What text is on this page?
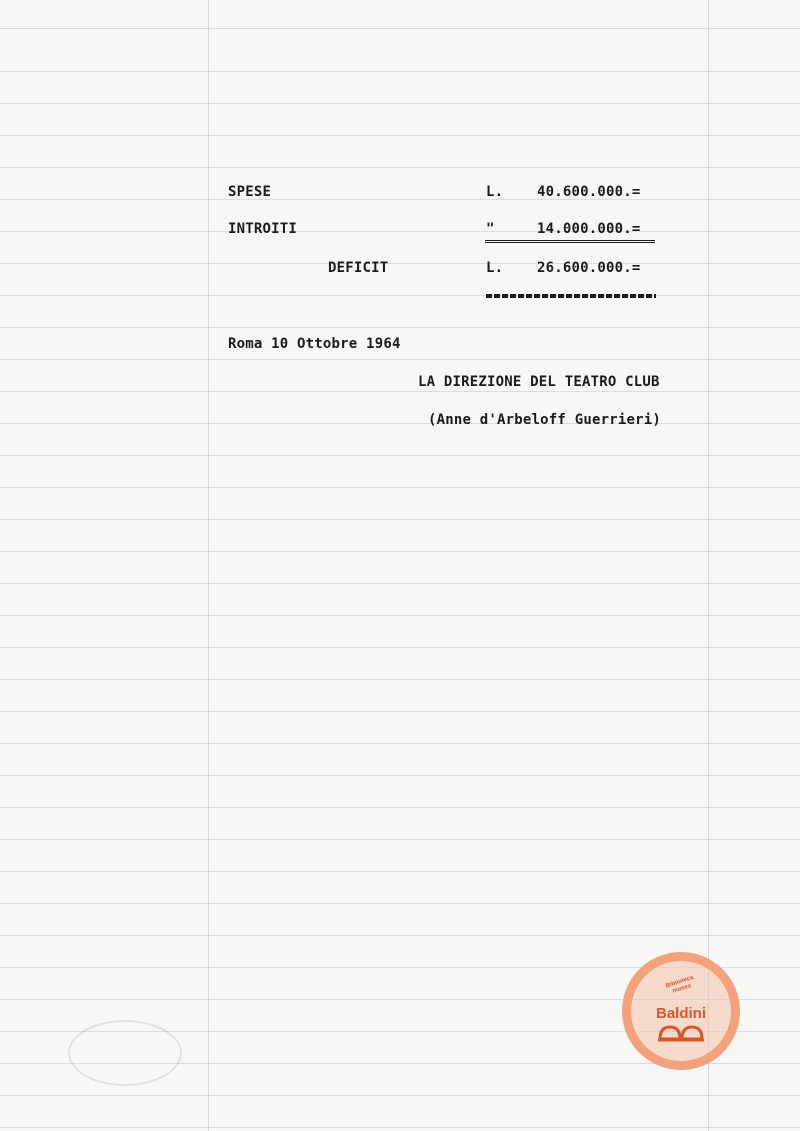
SPESE	L. 40.600.000.=
INTROITI	"	14.000.000.=
DEFICIT	L. 26.600.000.=
Roma 10 Ottobre 1964
LA DIREZIONE DEL TEATRO CLUB
(Anne d'Arbeloff Guerrieri)
Biblioteca
museo
Baldini
